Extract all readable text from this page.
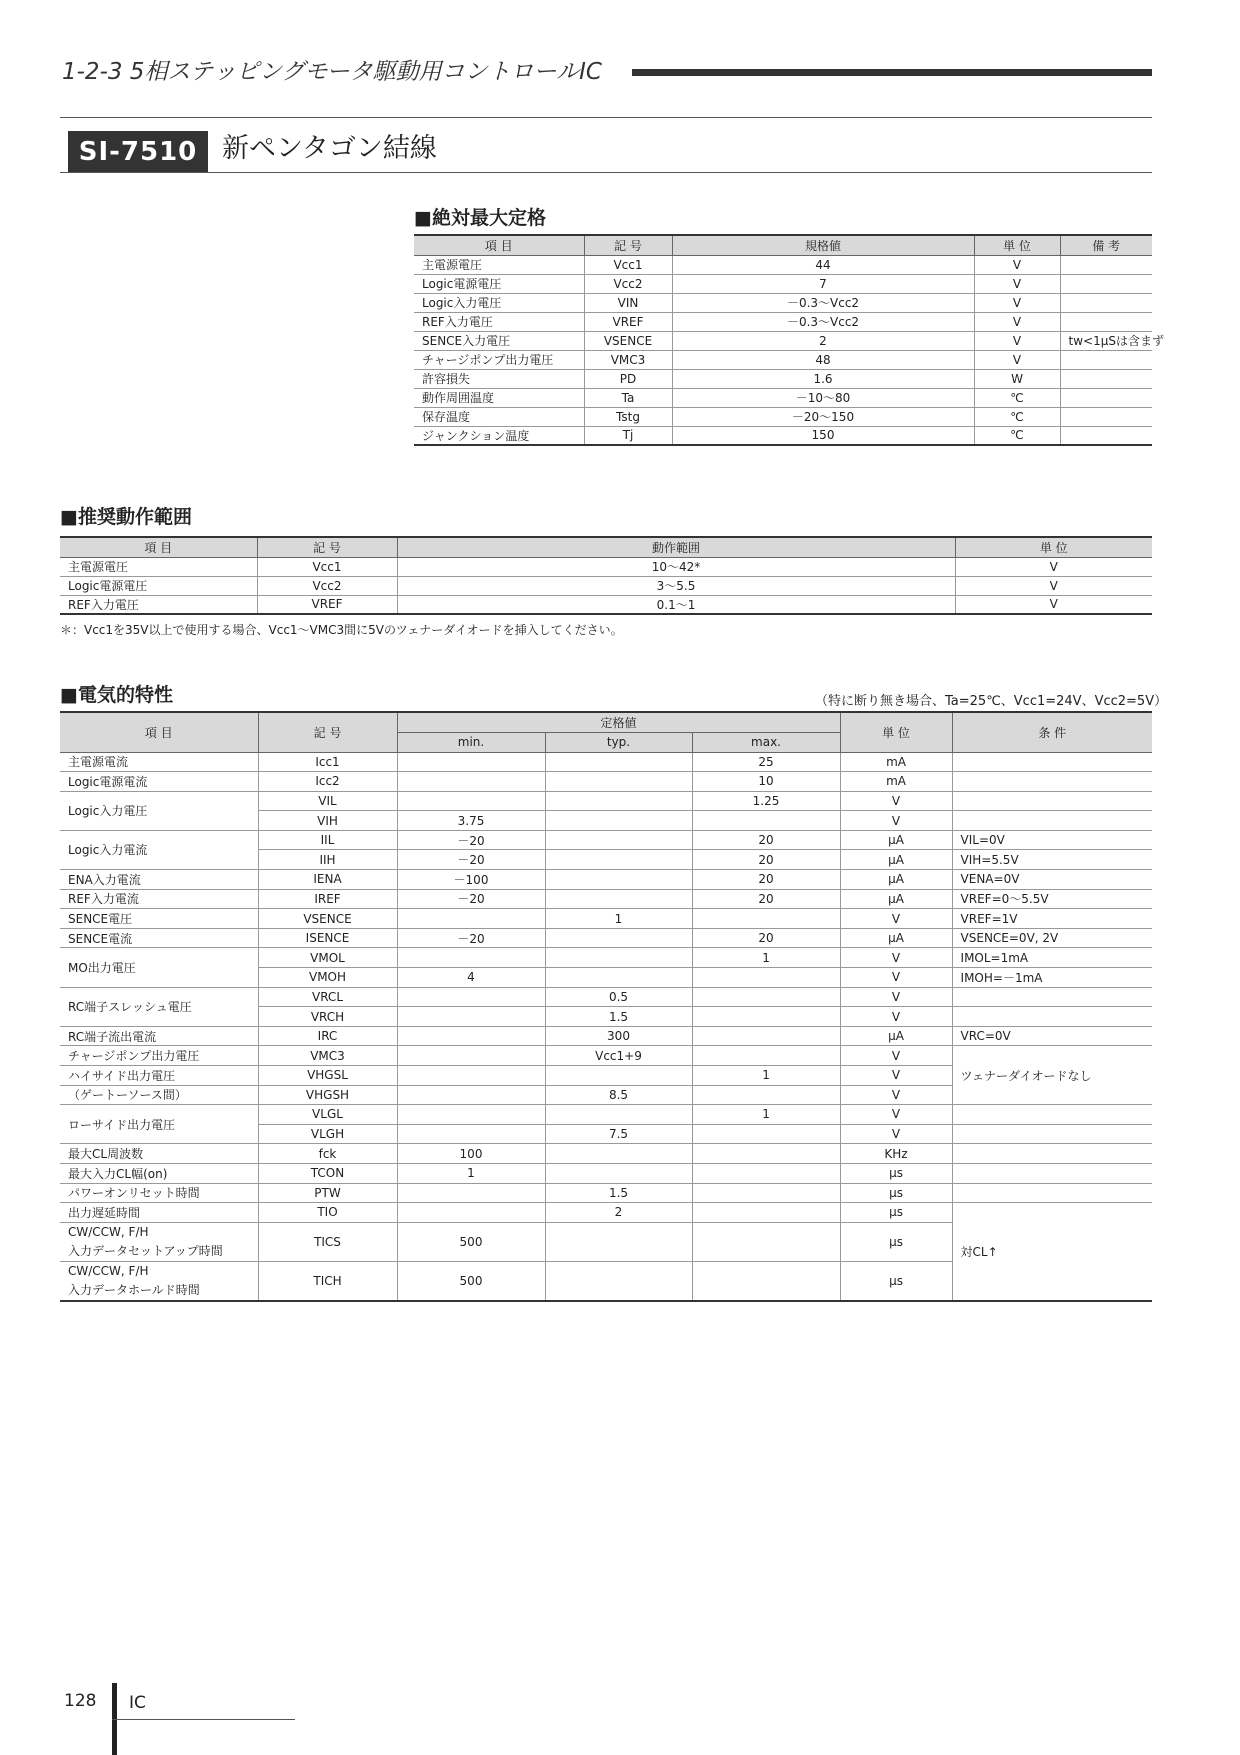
1-2-3 5相ステッピングモータ駆動用コントロールIC
SI-7510 新ペンタゴン結線
■絶対最大定格
項 目	記 号	規格値	単 位	備 考
主電源電圧	Vcc1	44	V	
Logic電源電圧	Vcc2	7	V	
Logic入力電圧	VIN	－0.3～Vcc2	V	
REF入力電圧	VREF	－0.3～Vcc2	V	
SENCE入力電圧	VSENCE	2	V	tw<1μSは含まず
チャージポンプ出力電圧	VMC3	48	V	
許容損失	PD	1.6	W	
動作周囲温度	Ta	－10～80	℃	
保存温度	Tstg	－20～150	℃	
ジャンクション温度	Tj	150	℃	
■推奨動作範囲
項 目	記 号	動作範囲	単 位
主電源電圧	Vcc1	10～42*	V
Logic電源電圧	Vcc2	3～5.5	V
REF入力電圧	VREF	0.1～1	V
＊：Vcc1を35V以上で使用する場合、Vcc1～VMC3間に5Vのツェナーダイオードを挿入してください。
■電気的特性	（特に断り無き場合、Ta=25℃、Vcc1=24V、Vcc2=5V）
項 目	記 号	定格値			単 位	条 件
		min.	typ.	max.		
主電源電流	Icc1			25	mA	
Logic電源電流	Icc2			10	mA	
Logic入力電圧	VIL			1.25	V	
	VIH	3.75			V	
Logic入力電流	IIL	－20		20	μA	VIL=0V
	IIH	－20		20	μA	VIH=5.5V
ENA入力電流	IENA	－100		20	μA	VENA=0V
REF入力電流	IREF	－20		20	μA	VREF=0～5.5V
SENCE電圧	VSENCE		1		V	VREF=1V
SENCE電流	ISENCE	－20		20	μA	VSENCE=0V, 2V
MO出力電圧	VMOL			1	V	IMOL=1mA
	VMOH	4			V	IMOH=－1mA
RC端子スレッシュ電圧	VRCL		0.5		V	
	VRCH		1.5		V	
RC端子流出電流	IRC		300		μA	VRC=0V
チャージポンプ出力電圧	VMC3		Vcc1+9		V	ツェナーダイオードなし
ハイサイド出力電圧	VHGSL			1	V	
（ゲートーソース間）	VHGSH		8.5		V	
ローサイド出力電圧	VLGL			1	V	
	VLGH		7.5		V	
最大CL周波数	fck	100			KHz	
最大入力CL幅(on)	TCON	1			μs	
パワーオンリセット時間	PTW		1.5		μs	
出力遅延時間	TIO		2		μs	対CL↑
CW/CCW, F/H
入力データセットアップ時間	TICS	500			μs	
CW/CCW, F/H
入力データホールド時間	TICH	500			μs	
128 IC
